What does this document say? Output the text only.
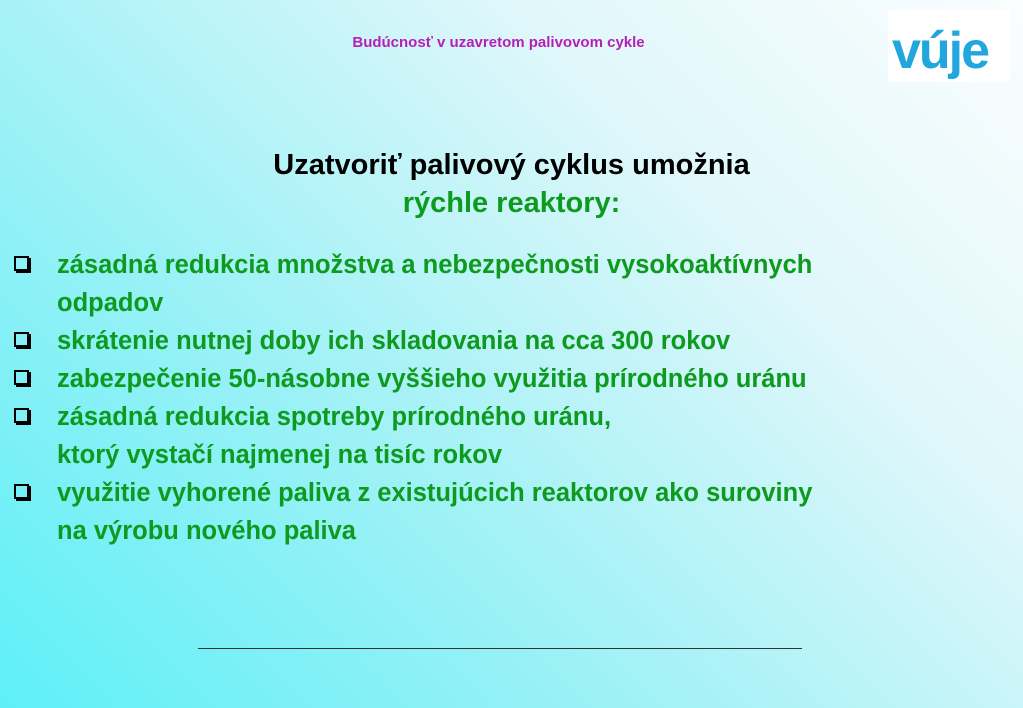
Budúcnosť v uzavretom palivovom cykle	vúje
Uzatvoriť palivový cyklus umožnia
rýchle reaktory:
zásadná redukcia množstva a nebezpečnosti vysokoaktívnych
odpadov
skrátenie nutnej doby ich skladovania na cca 300 rokov
zabezpečenie 50-násobne vyššieho využitia prírodného uránu
zásadná redukcia spotreby prírodného uránu,
ktorý vystačí najmenej na tisíc rokov
využitie vyhorené paliva z existujúcich reaktorov ako suroviny
na výrobu nového paliva
